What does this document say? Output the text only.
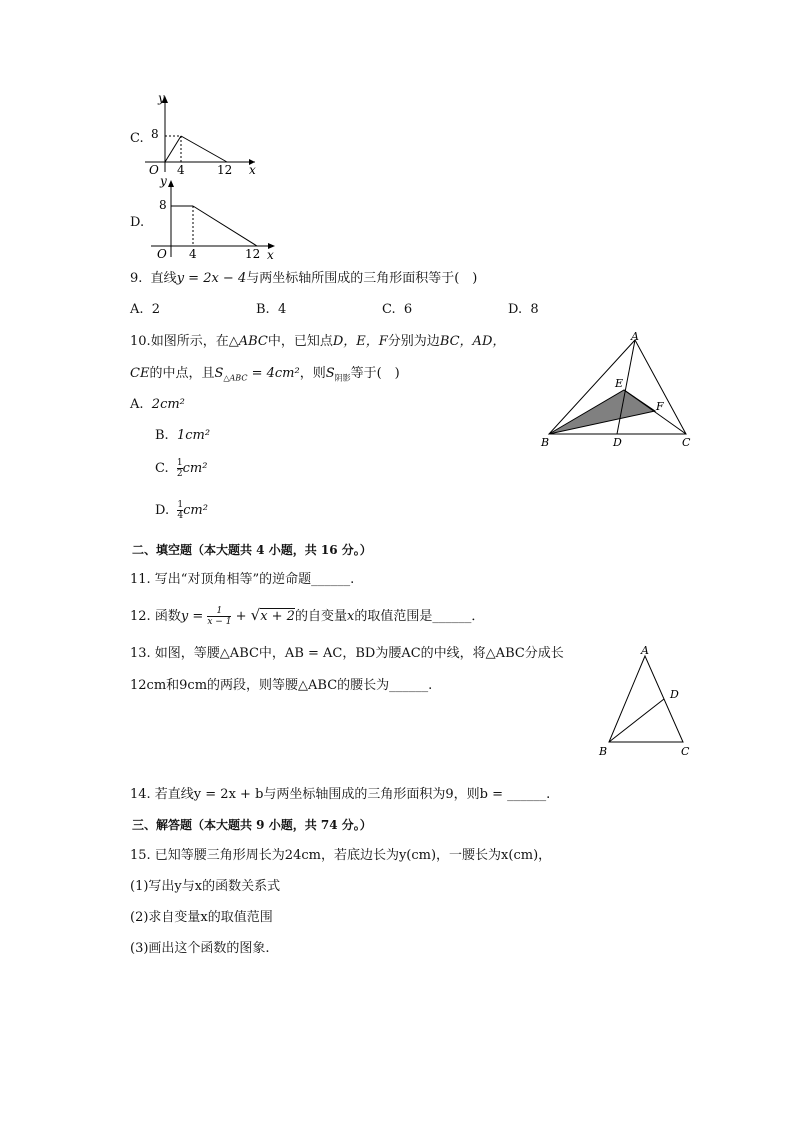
C.
y
8
O 4	12 x
D.
y
8
O 4	12 x
9. 直线y = 2x − 4与两坐标轴所围成的三角形面积等于(　)
A. 2	B. 4	C. 6	D. 8
10.如图所示，在△ABC中，已知点D，E，F分别为边BC，AD，
CE的中点，且$S_{\triangle ABC} = 4cm^2$，则$S_{阴影}$等于(　)
A. 2cm²
B. 1cm²
C. $\frac{1}{2} cm^2$
D. $\frac{1}{4} cm^2$
A
B	C
D
E
F
二、填空题（本大题共 4 小题，共 16 分。）
11. 写出“对顶角相等”的逆命题______.
12. 函数$y = \frac{1}{x - 1} + √x + 2$的自变量x的取值范围是______．
13. 如图，等腰△ABC中，AB = AC，BD为腰AC的中线，将△ABC分成长
12cm和9cm的两段，则等腰△ABC的腰长为______.
A
B	C
D
14. 若直线y = 2x + b与两坐标轴围成的三角形面积为9，则b = ______.
三、解答题（本大题共 9 小题，共 74 分。）
15. 已知等腰三角形周长为24cm，若底边长为y(cm)，一腰长为x(cm)，
(1)写出y与x的函数关系式
(2)求自变量x的取值范围
(3)画出这个函数的图象.
